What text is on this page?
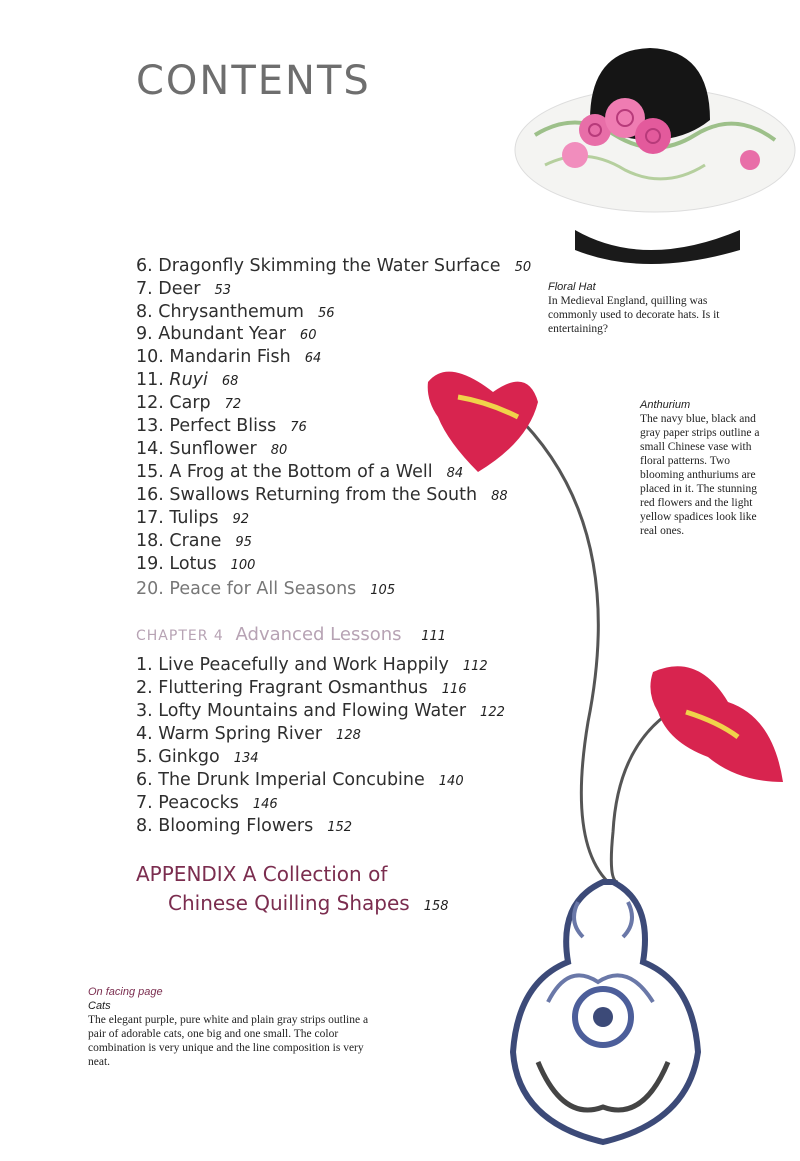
CONTENTS
Floral Hat
In Medieval England, quilling was commonly used to decorate hats. Is it entertaining?
Anthurium
The navy blue, black and gray paper strips outline a small Chinese vase with floral patterns. Two blooming anthuriums are placed in it. The stunning red flowers and the light yellow spadices look like real ones.
6. Dragonfly Skimming the Water Surface 50
7. Deer 53
8. Chrysanthemum 56
9. Abundant Year 60
10. Mandarin Fish 64
11. Ruyi 68
12. Carp 72
13. Perfect Bliss 76
14. Sunflower 80
15. A Frog at the Bottom of a Well 84
16. Swallows Returning from the South 88
17. Tulips 92
18. Crane 95
19. Lotus 100
20. Peace for All Seasons 105
CHAPTER 4 Advanced Lessons 111
1. Live Peacefully and Work Happily 112
2. Fluttering Fragrant Osmanthus 116
3. Lofty Mountains and Flowing Water 122
4. Warm Spring River 128
5. Ginkgo 134
6. The Drunk Imperial Concubine 140
7. Peacocks 146
8. Blooming Flowers 152
APPENDIX A Collection of
Chinese Quilling Shapes 158
On facing page
Cats
The elegant purple, pure white and plain gray strips outline a pair of adorable cats, one big and one small. The color combination is very unique and the line composition is very neat.
